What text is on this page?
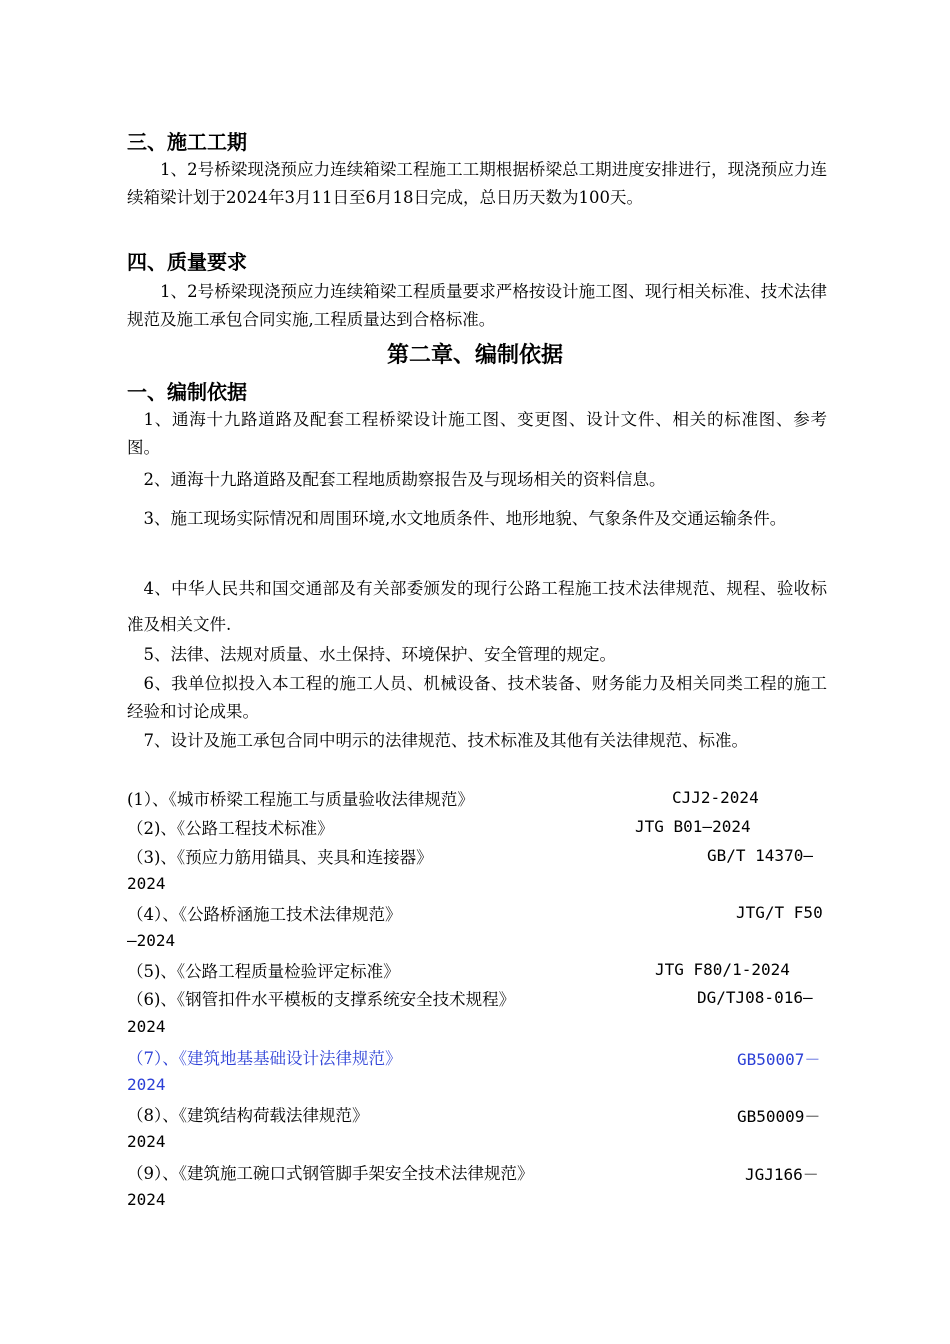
三、施工工期
1、2号桥梁现浇预应力连续箱梁工程施工工期根据桥梁总工期进度安排进行，现浇预应力连续箱梁计划于2024年3月11日至6月18日完成，总日历天数为100天。
四、质量要求
1、2号桥梁现浇预应力连续箱梁工程质量要求严格按设计施工图、现行相关标准、技术法律规范及施工承包合同实施,工程质量达到合格标准。
第二章、编制依据
一、编制依据
1、通海十九路道路及配套工程桥梁设计施工图、变更图、设计文件、相关的标准图、参考图。
2、通海十九路道路及配套工程地质勘察报告及与现场相关的资料信息。
3、施工现场实际情况和周围环境,水文地质条件、地形地貌、气象条件及交通运输条件。
4、中华人民共和国交通部及有关部委颁发的现行公路工程施工技术法律规范、规程、验收标准及相关文件.
5、法律、法规对质量、水土保持、环境保护、安全管理的规定。
6、我单位拟投入本工程的施工人员、机械设备、技术装备、财务能力及相关同类工程的施工经验和讨论成果。
7、设计及施工承包合同中明示的法律规范、技术标准及其他有关法律规范、标准。
(1）、《城市桥梁工程施工与质量验收法律规范》	CJJ2-2024
（2)、《公路工程技术标准》	JTG B01—2024
（3)、《预应力筋用锚具、夹具和连接器》	GB/T 14370—
2024
（4）、《公路桥涵施工技术法律规范》	JTG/T F50
—2024
（5)、《公路工程质量检验评定标准》	JTG F80/1-2024
（6)、《钢管扣件水平模板的支撑系统安全技术规程》	DG/TJ08-016—
2024
（7）、《建筑地基基础设计法律规范》	GB50007－
2024
（8）、《建筑结构荷载法律规范》	GB50009－
2024
（9）、《建筑施工碗口式钢管脚手架安全技术法律规范》	JGJ166－
2024
